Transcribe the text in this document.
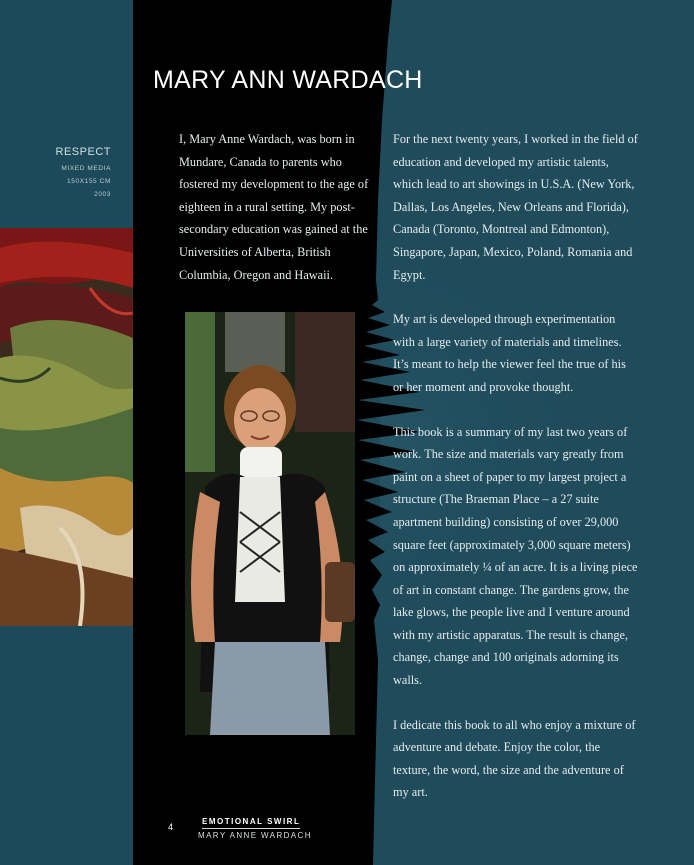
RESPECT
MIXED MEDIA
150X155 CM
2003
MARY ANN WARDACH

I, Mary Anne Wardach, was born in Mundare, Canada to parents who fostered my development to the age of eighteen in a rural setting. My post-secondary education was gained at the Universities of Alberta, British Columbia, Oregon and Hawaii.

For the next twenty years, I worked in the field of education and developed my artistic talents, which lead to art showings in U.S.A. (New York, Dallas, Los Angeles, New Orleans and Florida), Canada (Toronto, Montreal and Edmonton), Singapore, Japan, Mexico, Poland, Romania and Egypt.

My art is developed through experimentation with a large variety of materials and timelines. It’s meant to help the viewer feel the true of his or her moment and provoke thought.

This book is a summary of my last two years of work. The size and materials vary greatly from paint on a sheet of paper to my largest project a structure (The Braeman Place – a 27 suite apartment building) consisting of over 29,000 square feet (approximately 3,000 square meters) on approximately ¼ of an acre. It is a living piece of art in constant change. The gardens grow, the lake glows, the people live and I venture around with my artistic apparatus. The result is change, change, change and 100 originals adorning its walls.

I dedicate this book to all who enjoy a mixture of adventure and debate. Enjoy the color, the texture, the word, the size and the adventure of my art.

4
EMOTIONAL SWIRL
MARY ANNE WARDACH
